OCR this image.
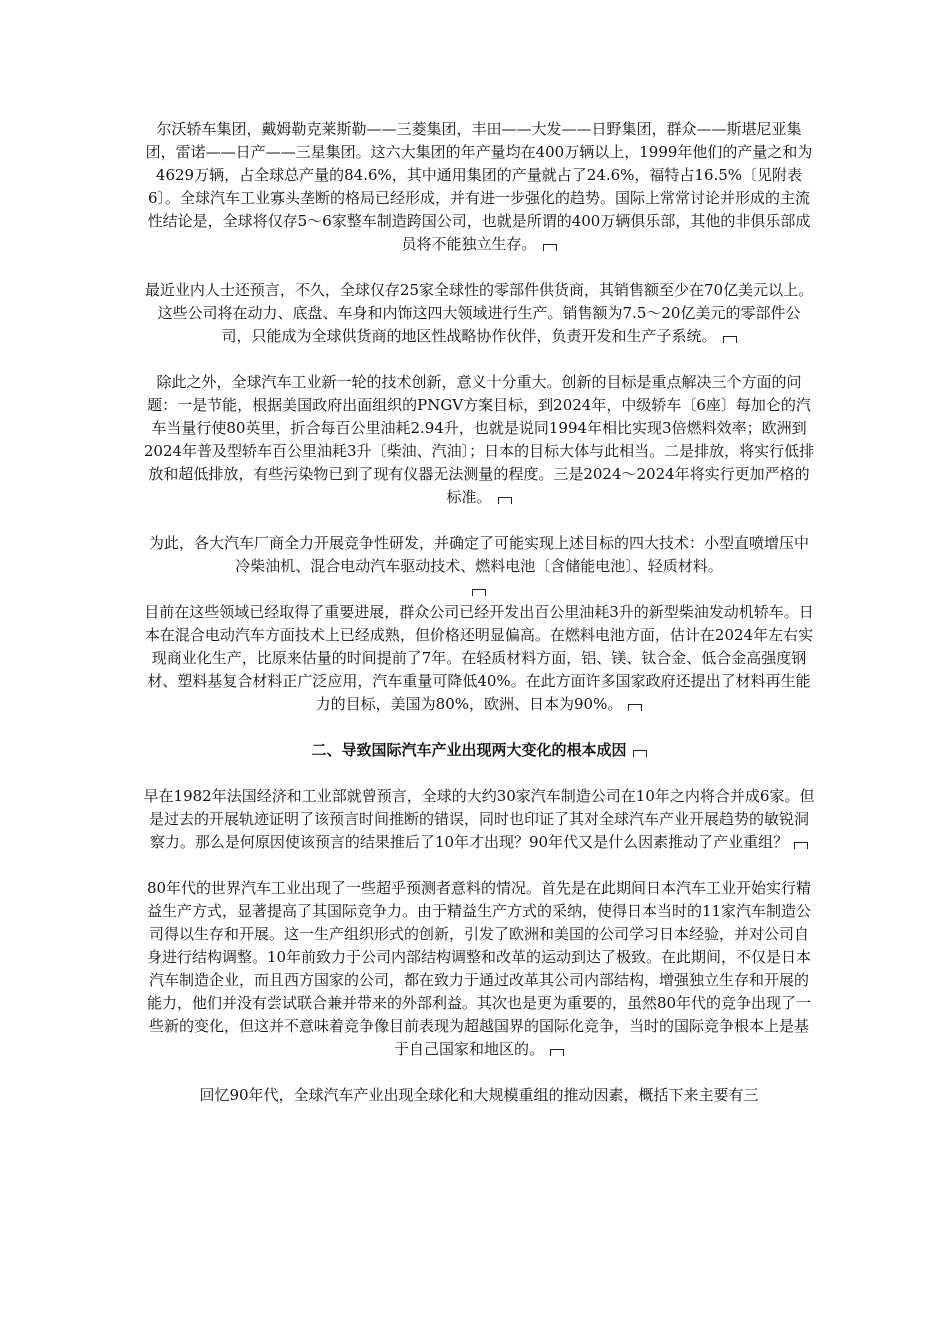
尔沃轿车集团，戴姆勒克莱斯勒——三菱集团，丰田——大发——日野集团，群众——斯堪尼亚集团，雷诺——日产——三星集团。这六大集团的年产量均在400万辆以上，1999年他们的产量之和为4629万辆，占全球总产量的84.6%，其中通用集团的产量就占了24.6%，福特占16.5%〔见附表6〕。全球汽车工业寡头垄断的格局已经形成，并有进一步强化的趋势。国际上常常讨论并形成的主流性结论是，全球将仅存5～6家整车制造跨国公司，也就是所谓的400万辆俱乐部，其他的非俱乐部成员将不能独立生存。

最近业内人士还预言，不久，全球仅存25家全球性的零部件供货商，其销售额至少在70亿美元以上。这些公司将在动力、底盘、车身和内饰这四大领域进行生产。销售额为7.5～20亿美元的零部件公司，只能成为全球供货商的地区性战略协作伙伴，负责开发和生产子系统。

除此之外，全球汽车工业新一轮的技术创新，意义十分重大。创新的目标是重点解决三个方面的问题：一是节能，根据美国政府出面组织的PNGV方案目标，到2024年，中级轿车〔6座〕每加仑的汽车当量行使80英里，折合每百公里油耗2.94升，也就是说同1994年相比实现3倍燃料效率；欧洲到2024年普及型轿车百公里油耗3升〔柴油、汽油〕；日本的目标大体与此相当。二是排放，将实行低排放和超低排放，有些污染物已到了现有仪器无法测量的程度。三是2024～2024年将实行更加严格的标准。

为此，各大汽车厂商全力开展竞争性研发，并确定了可能实现上述目标的四大技术：小型直喷增压中冷柴油机、混合电动汽车驱动技术、燃料电池〔含储能电池〕、轻质材料。

目前在这些领域已经取得了重要进展，群众公司已经开发出百公里油耗3升的新型柴油发动机轿车。日本在混合电动汽车方面技术上已经成熟，但价格还明显偏高。在燃料电池方面，估计在2024年左右实现商业化生产，比原来估量的时间提前了7年。在轻质材料方面，铝、镁、钛合金、低合金高强度钢材、塑料基复合材料正广泛应用，汽车重量可降低40%。在此方面许多国家政府还提出了材料再生能力的目标，美国为80%，欧洲、日本为90%。

二、导致国际汽车产业出现两大变化的根本成因

早在1982年法国经济和工业部就曾预言，全球的大约30家汽车制造公司在10年之内将合并成6家。但是过去的开展轨迹证明了该预言时间推断的错误，同时也印证了其对全球汽车产业开展趋势的敏锐洞察力。那么是何原因使该预言的结果推后了10年才出现？90年代又是什么因素推动了产业重组？

80年代的世界汽车工业出现了一些超乎预测者意料的情况。首先是在此期间日本汽车工业开始实行精益生产方式，显著提高了其国际竞争力。由于精益生产方式的采纳，使得日本当时的11家汽车制造公司得以生存和开展。这一生产组织形式的创新，引发了欧洲和美国的公司学习日本经验，并对公司自身进行结构调整。10年前致力于公司内部结构调整和改革的运动到达了极致。在此期间，不仅是日本汽车制造企业，而且西方国家的公司，都在致力于通过改革其公司内部结构，增强独立生存和开展的能力，他们并没有尝试联合兼并带来的外部利益。其次也是更为重要的，虽然80年代的竞争出现了一些新的变化，但这并不意味着竞争像目前表现为超越国界的国际化竞争，当时的国际竞争根本上是基于自己国家和地区的。

回忆90年代，全球汽车产业出现全球化和大规模重组的推动因素，概括下来主要有三
